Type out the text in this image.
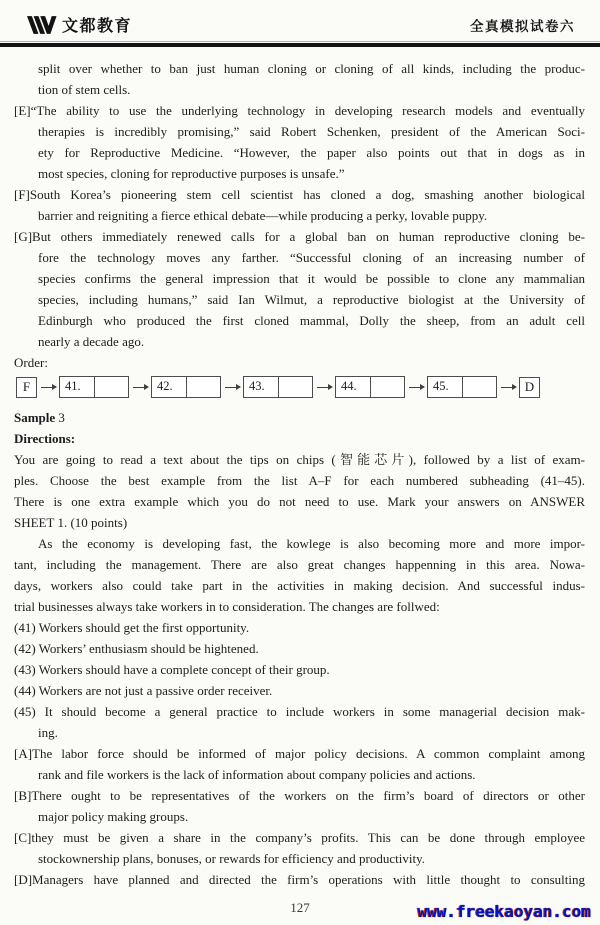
文都教育	全真模拟试卷六
split over whether to ban just human cloning or cloning of all kinds, including the produc-
tion of stem cells.
[E]“The ability to use the underlying technology in developing research models and eventually
therapies is incredibly promising,” said Robert Schenken, president of the American Soci-
ety for Reproductive Medicine. “However, the paper also points out that in dogs as in
most species, cloning for reproductive purposes is unsafe.”
[F]South Korea’s pioneering stem cell scientist has cloned a dog, smashing another biological
barrier and reigniting a fierce ethical debate—while producing a perky, lovable puppy.
[G]But others immediately renewed calls for a global ban on human reproductive cloning be-
fore the technology moves any farther. “Successful cloning of an increasing number of
species confirms the general impression that it would be possible to clone any mammalian
species, including humans,” said Ian Wilmut, a reproductive biologist at the University of
Edinburgh who produced the first cloned mammal, Dolly the sheep, from an adult cell
nearly a decade ago.
Order:
F	41.	42.	43.	44.	45.	D
Sample 3
Directions:
You are going to read a text about the tips on chips (智能芯片), followed by a list of exam-
ples. Choose the best example from the list A–F for each numbered subheading (41–45).
There is one extra example which you do not need to use. Mark your answers on ANSWER
SHEET 1. (10 points)
As the economy is developing fast, the kowlege is also becoming more and more impor-
tant, including the management. There are also great changes happenning in this area. Nowa-
days, workers also could take part in the activities in making decision. And successful indus-
trial businesses always take workers in to consideration. The changes are follwed:
(41) Workers should get the first opportunity.
(42) Workers’ enthusiasm should be hightened.
(43) Workers should have a complete concept of their group.
(44) Workers are not just a passive order receiver.
(45) It should become a general practice to include workers in some managerial decision mak-
ing.
[A]The labor force should be informed of major policy decisions. A common complaint among
rank and file workers is the lack of information about company policies and actions.
[B]There ought to be representatives of the workers on the firm’s board of directors or other
major policy making groups.
[C]they must be given a share in the company’s profits. This can be done through employee
stockownership plans, bonuses, or rewards for efficiency and productivity.
[D]Managers have planned and directed the firm’s operations with little thought to consulting
127	www.freekaoyan.com
